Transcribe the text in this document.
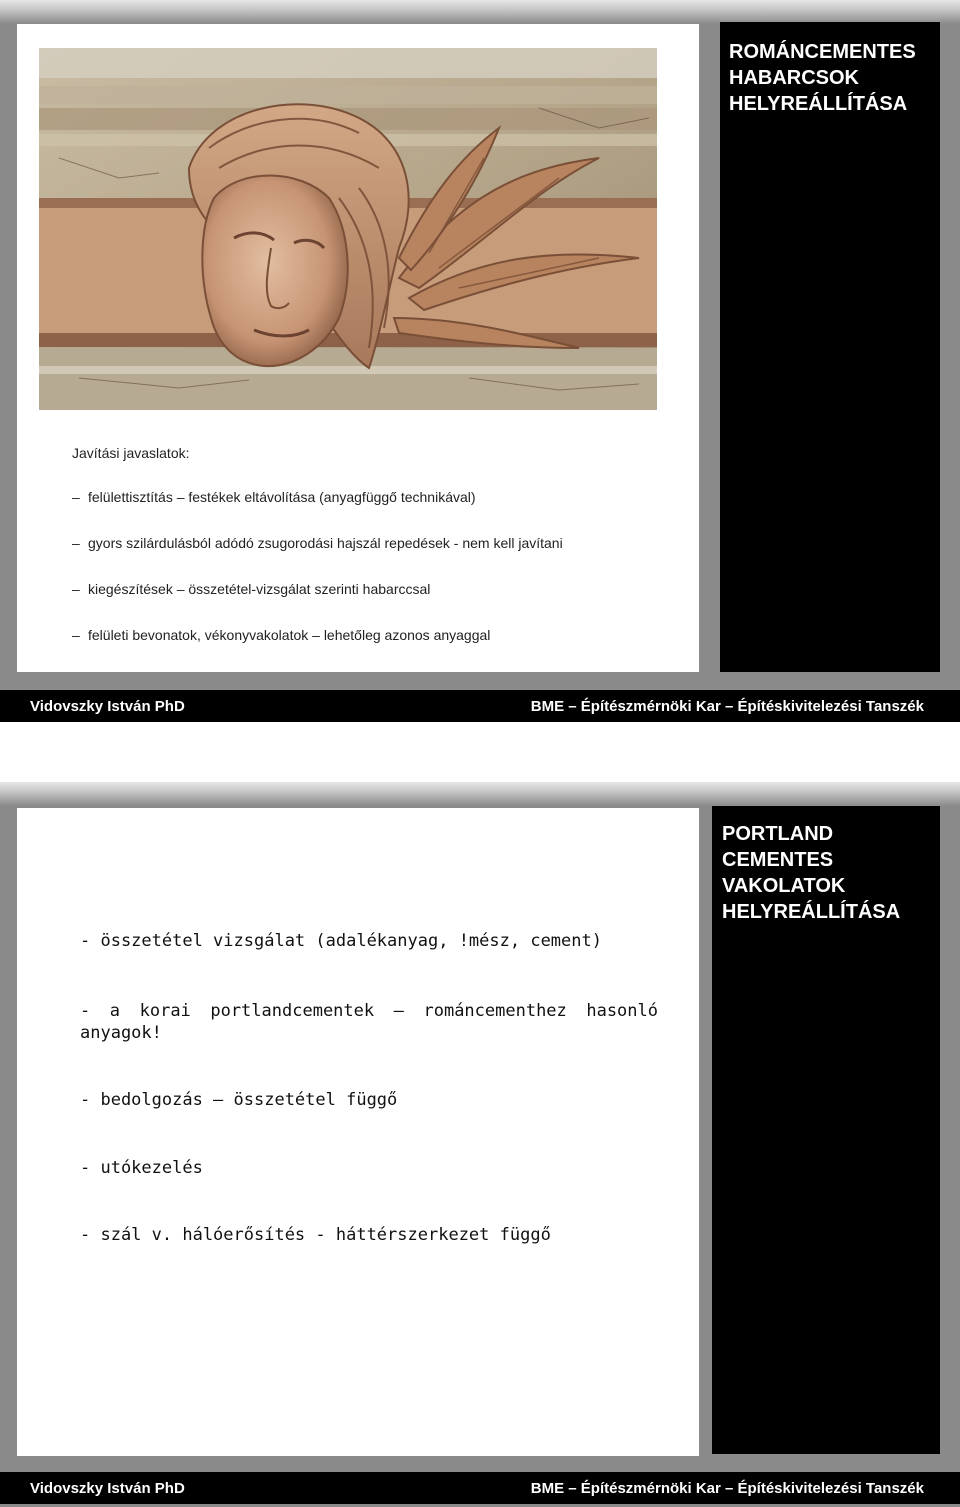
Vidovszky István PhD	BME – Építészmérnöki Kar – Építéskivitelezési Tanszék
ROMÁNCEMENTES
HABARCSOK
HELYREÁLLÍTÁSA
Javítási javaslatok:
– felülettisztítás – festékek eltávolítása (anyagfüggő technikával)
– gyors szilárdulásból adódó zsugorodási hajszál repedések - nem kell javítani
– kiegészítések – összetétel-vizsgálat szerinti habarccsal
– felületi bevonatok, vékonyvakolatok – lehetőleg azonos anyaggal
Vidovszky István PhD	BME – Építészmérnöki Kar – Építéskivitelezési Tanszék
PORTLAND
CEMENTES
VAKOLATOK
HELYREÁLLÍTÁSA
- összetétel vizsgálat (adalékanyag, !mész, cement)
- a korai portlandcementek – románcementhez hasonló anyagok!
- bedolgozás – összetétel függő
- utókezelés
- szál v. hálóerősítés - háttérszerkezet függő
